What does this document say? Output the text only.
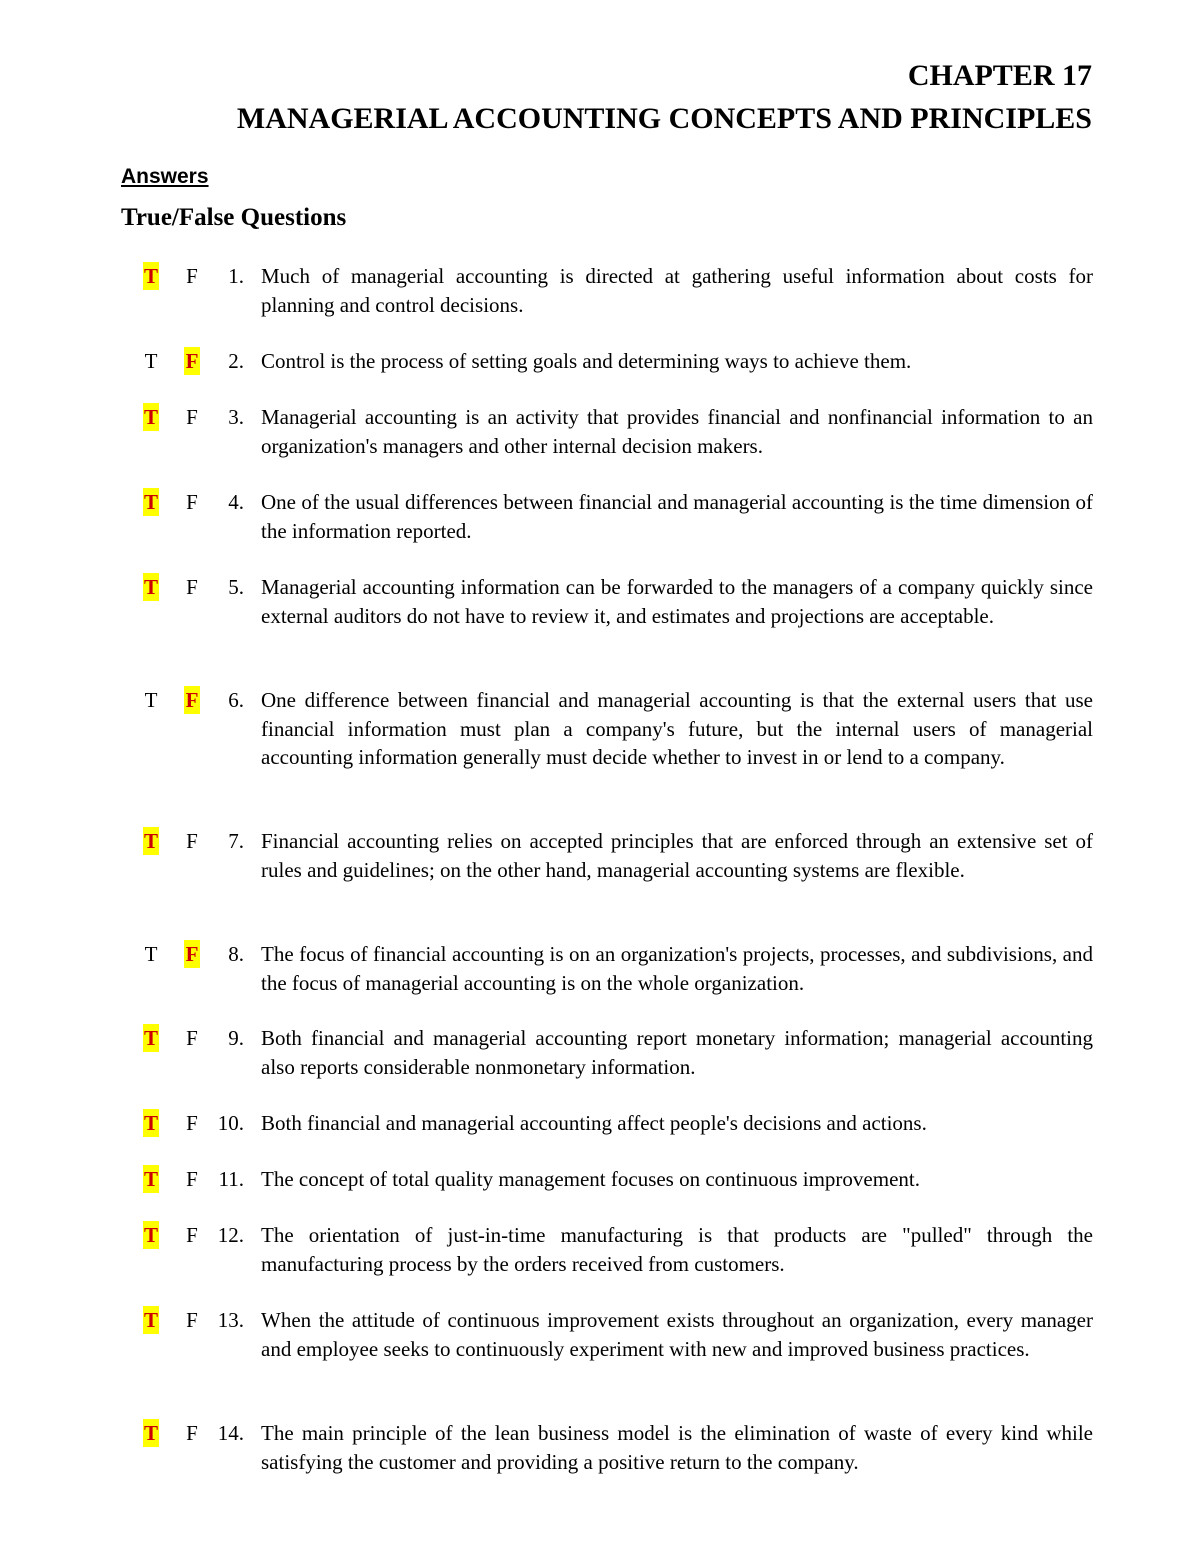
CHAPTER 17
MANAGERIAL ACCOUNTING CONCEPTS AND PRINCIPLES
Answers
True/False Questions
T F	1. Much of managerial accounting is directed at gathering useful information about costs for planning and control decisions.

T F	2. Control is the process of setting goals and determining ways to achieve them.

T F	3. Managerial accounting is an activity that provides financial and nonfinancial information to an organization's managers and other internal decision makers.

T F	4. One of the usual differences between financial and managerial accounting is the time dimension of the information reported.

T F	5. Managerial accounting information can be forwarded to the managers of a company quickly since external auditors do not have to review it, and estimates and projections are acceptable.

T F	6. One difference between financial and managerial accounting is that the external users that use financial information must plan a company's future, but the internal users of managerial accounting information generally must decide whether to invest in or lend to a company.

T F	7. Financial accounting relies on accepted principles that are enforced through an extensive set of rules and guidelines; on the other hand, managerial accounting systems are flexible.

T F	8. The focus of financial accounting is on an organization's projects, processes, and subdivisions, and the focus of managerial accounting is on the whole organization.

T F	9. Both financial and managerial accounting report monetary information; managerial accounting also reports considerable nonmonetary information.

T F 10. Both financial and managerial accounting affect people's decisions and actions.

T F 11. The concept of total quality management focuses on continuous improvement.

T F 12. The orientation of just-in-time manufacturing is that products are "pulled" through the manufacturing process by the orders received from customers.

T F 13. When the attitude of continuous improvement exists throughout an organization, every manager and employee seeks to continuously experiment with new and improved business practices.

T F 14. The main principle of the lean business model is the elimination of waste of every kind while satisfying the customer and providing a positive return to the company.
